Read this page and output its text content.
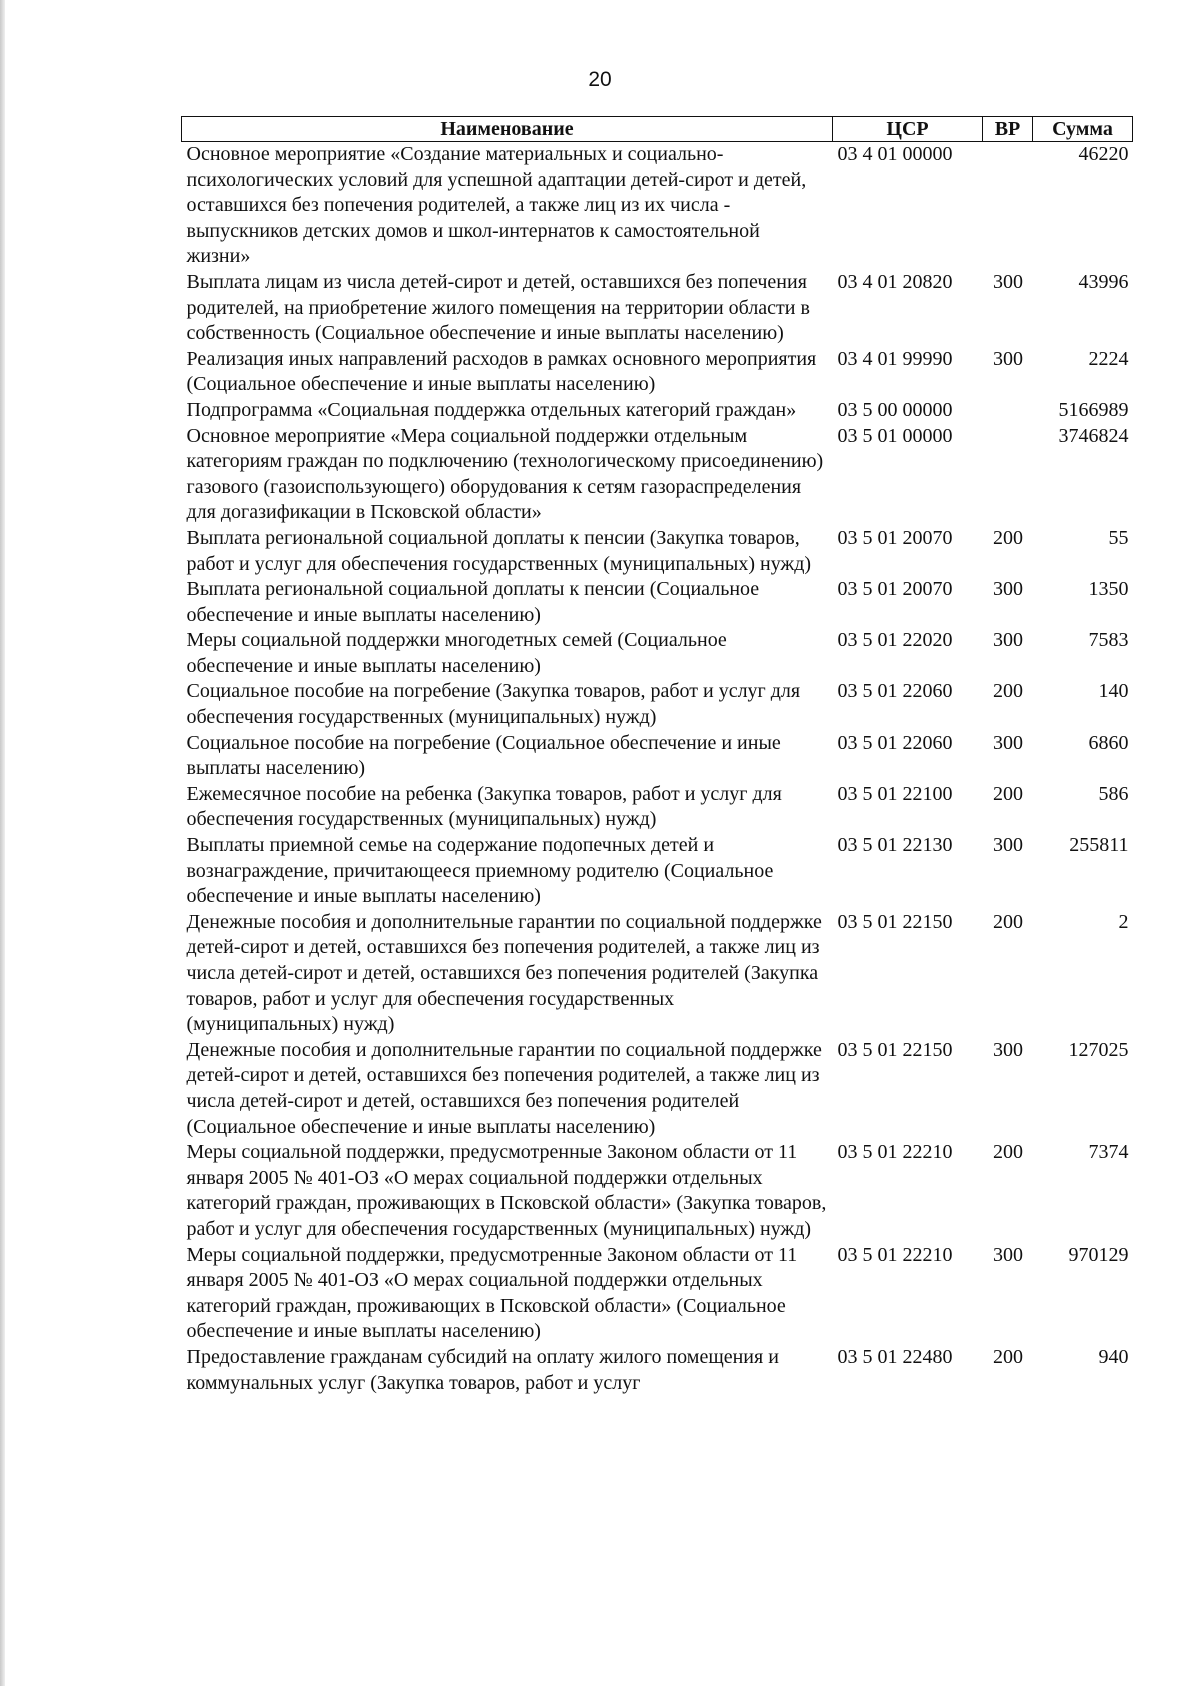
20
Наименование	ЦСР	ВР	Сумма
Основное мероприятие «Создание материальных и социально-психологических условий для успешной адаптации детей-сирот и детей, оставшихся без попечения родителей, а также лиц из их числа - выпускников детских домов и школ-интернатов к самостоятельной жизни»	03 4 01 00000		46220
Выплата лицам из числа детей-сирот и детей, оставшихся без попечения родителей, на приобретение жилого помещения на территории области в собственность (Социальное обеспечение и иные выплаты населению)	03 4 01 20820	300	43996
Реализация иных направлений расходов в рамках основного мероприятия (Социальное обеспечение и иные выплаты населению)	03 4 01 99990	300	2224
Подпрограмма «Социальная поддержка отдельных категорий граждан»	03 5 00 00000		5166989
Основное мероприятие «Мера социальной поддержки отдельным категориям граждан по подключению (технологическому присоединению) газового (газоиспользующего) оборудования к сетям газораспределения для догазификации в Псковской области»	03 5 01 00000		3746824
Выплата региональной социальной доплаты к пенсии (Закупка товаров, работ и услуг для обеспечения государственных (муниципальных) нужд)	03 5 01 20070	200	55
Выплата региональной социальной доплаты к пенсии (Социальное обеспечение и иные выплаты населению)	03 5 01 20070	300	1350
Меры социальной поддержки многодетных семей (Социальное обеспечение и иные выплаты населению)	03 5 01 22020	300	7583
Социальное пособие на погребение (Закупка товаров, работ и услуг для обеспечения государственных (муниципальных) нужд)	03 5 01 22060	200	140
Социальное пособие на погребение (Социальное обеспечение и иные выплаты населению)	03 5 01 22060	300	6860
Ежемесячное пособие на ребенка (Закупка товаров, работ и услуг для обеспечения государственных (муниципальных) нужд)	03 5 01 22100	200	586
Выплаты приемной семье на содержание подопечных детей и вознаграждение, причитающееся приемному родителю (Социальное обеспечение и иные выплаты населению)	03 5 01 22130	300	255811
Денежные пособия и дополнительные гарантии по социальной поддержке детей-сирот и детей, оставшихся без попечения родителей, а также лиц из числа детей-сирот и детей, оставшихся без попечения родителей (Закупка товаров, работ и услуг для обеспечения государственных (муниципальных) нужд)	03 5 01 22150	200	2
Денежные пособия и дополнительные гарантии по социальной поддержке детей-сирот и детей, оставшихся без попечения родителей, а также лиц из числа детей-сирот и детей, оставшихся без попечения родителей (Социальное обеспечение и иные выплаты населению)	03 5 01 22150	300	127025
Меры социальной поддержки, предусмотренные Законом области от 11 января 2005 № 401-ОЗ «О мерах социальной поддержки отдельных категорий граждан, проживающих в Псковской области» (Закупка товаров, работ и услуг для обеспечения государственных (муниципальных) нужд)	03 5 01 22210	200	7374
Меры социальной поддержки, предусмотренные Законом области от 11 января 2005 № 401-ОЗ «О мерах социальной поддержки отдельных категорий граждан, проживающих в Псковской области» (Социальное обеспечение и иные выплаты населению)	03 5 01 22210	300	970129
Предоставление гражданам субсидий на оплату жилого помещения и коммунальных услуг (Закупка товаров, работ и услуг	03 5 01 22480	200	940
